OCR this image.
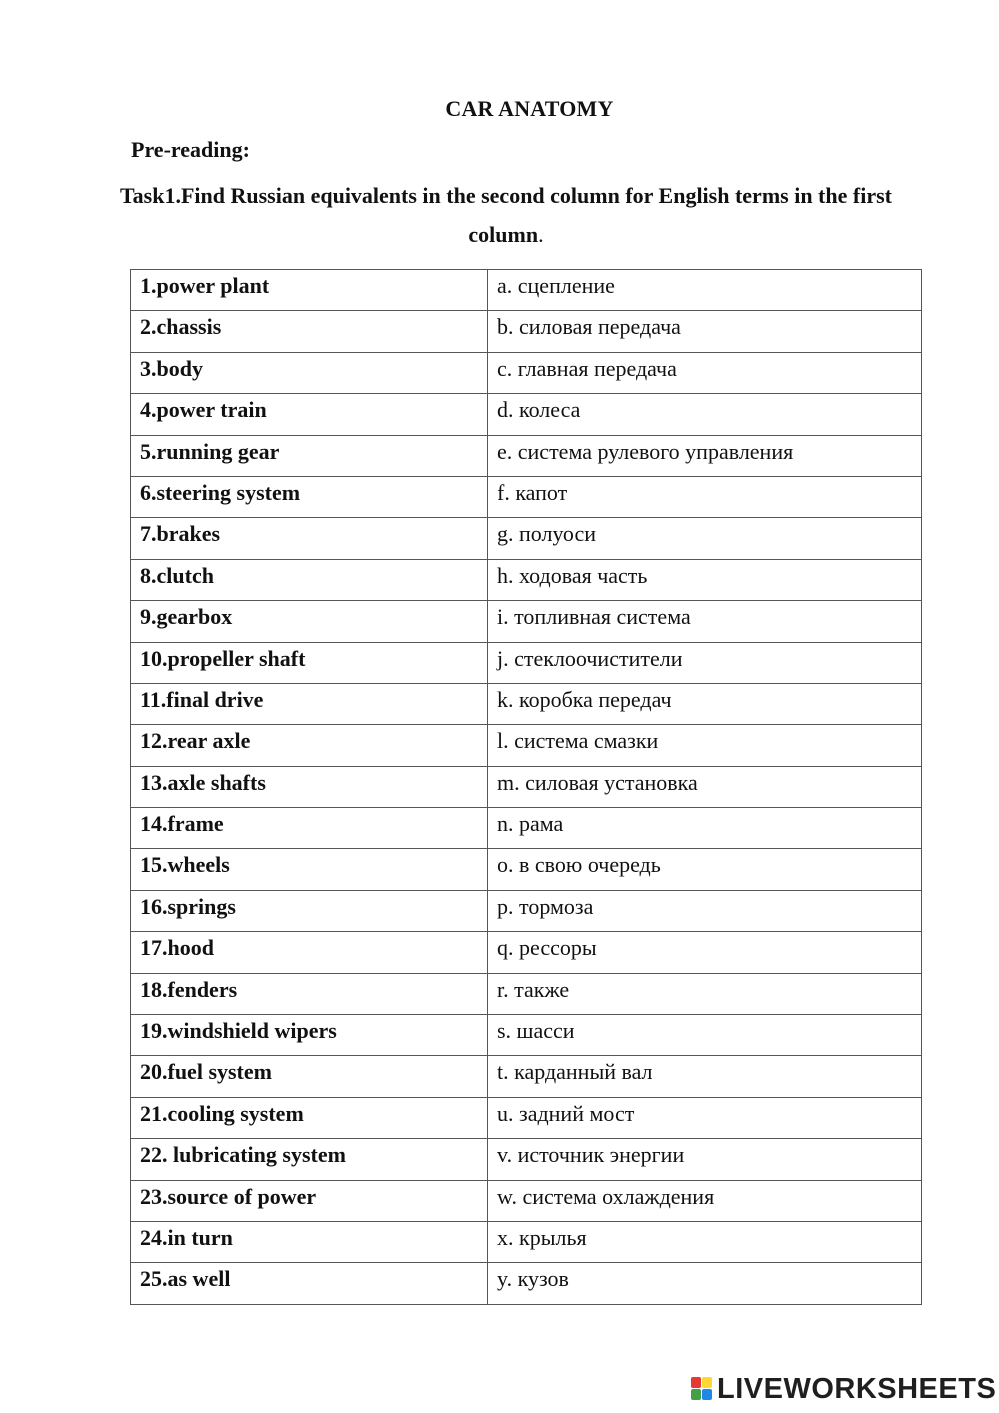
CAR ANATOMY
Pre-reading:
Task1.Find Russian equivalents in the second column for English terms in the first column.
1.power plant	a. сцепление
2.chassis	b. силовая передача
3.body	c. главная передача
4.power train	d. колеса
5.running gear	e. система рулевого управления
6.steering system	f. капот
7.brakes	g. полуоси
8.clutch	h. ходовая часть
9.gearbox	i. топливная система
10.propeller shaft	j. стеклоочистители
11.final drive	k. коробка передач
12.rear axle	l. система смазки
13.axle shafts	m. силовая установка
14.frame	n. рама
15.wheels	o. в свою очередь
16.springs	p. тормоза
17.hood	q. рессоры
18.fenders	r. также
19.windshield wipers	s. шасси
20.fuel system	t. карданный вал
21.cooling system	u. задний мост
22. lubricating system	v. источник энергии
23.source of power	w. система охлаждения
24.in turn	x. крылья
25.as well	y. кузов
LIVEWORKSHEETS
